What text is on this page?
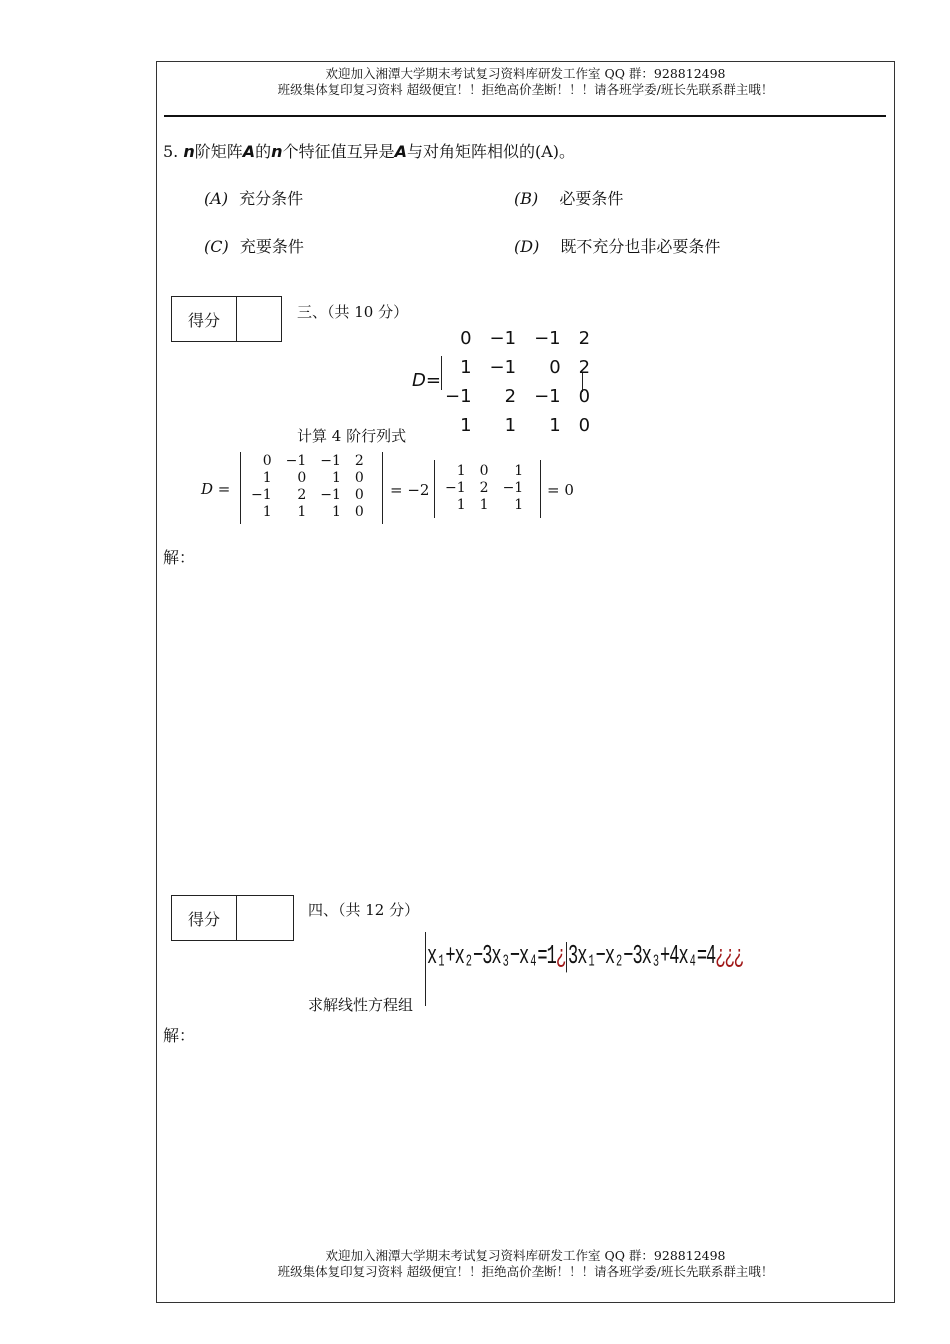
欢迎加入湘潭大学期末考试复习资料库研发工作室 QQ 群：928812498
班级集体复印复习资料 超级便宜！！拒绝高价垄断！！！请各班学委/班长先联系群主哦！
5. n阶矩阵A的n个特征值互异是A与对角矩阵相似的(A)。
(A) 充分条件	(B) 必要条件
(C) 充要条件	(D) 既不充分也非必要条件
得分	三、（共 10 分）
D=
0	−1	−1	2
1	−1	0	2
−1	2	−1	0
1	1	1	0
计算 4 阶行列式
D =
0	−1	−1	2
1	0	1	0
−1	2	−1	0
1	1	1	0
= −2
1	0	1
−1	2	−1
1	1	1
= 0
解：
得分	四、（共 12 分）
求解线性方程组
x₁+x₂−3x₃−x₄=1¿ 3x₁−x₂−3x₃+4x₄=4¿¿¿
解：
欢迎加入湘潭大学期末考试复习资料库研发工作室 QQ 群：928812498
班级集体复印复习资料 超级便宜！！拒绝高价垄断！！！请各班学委/班长先联系群主哦！
